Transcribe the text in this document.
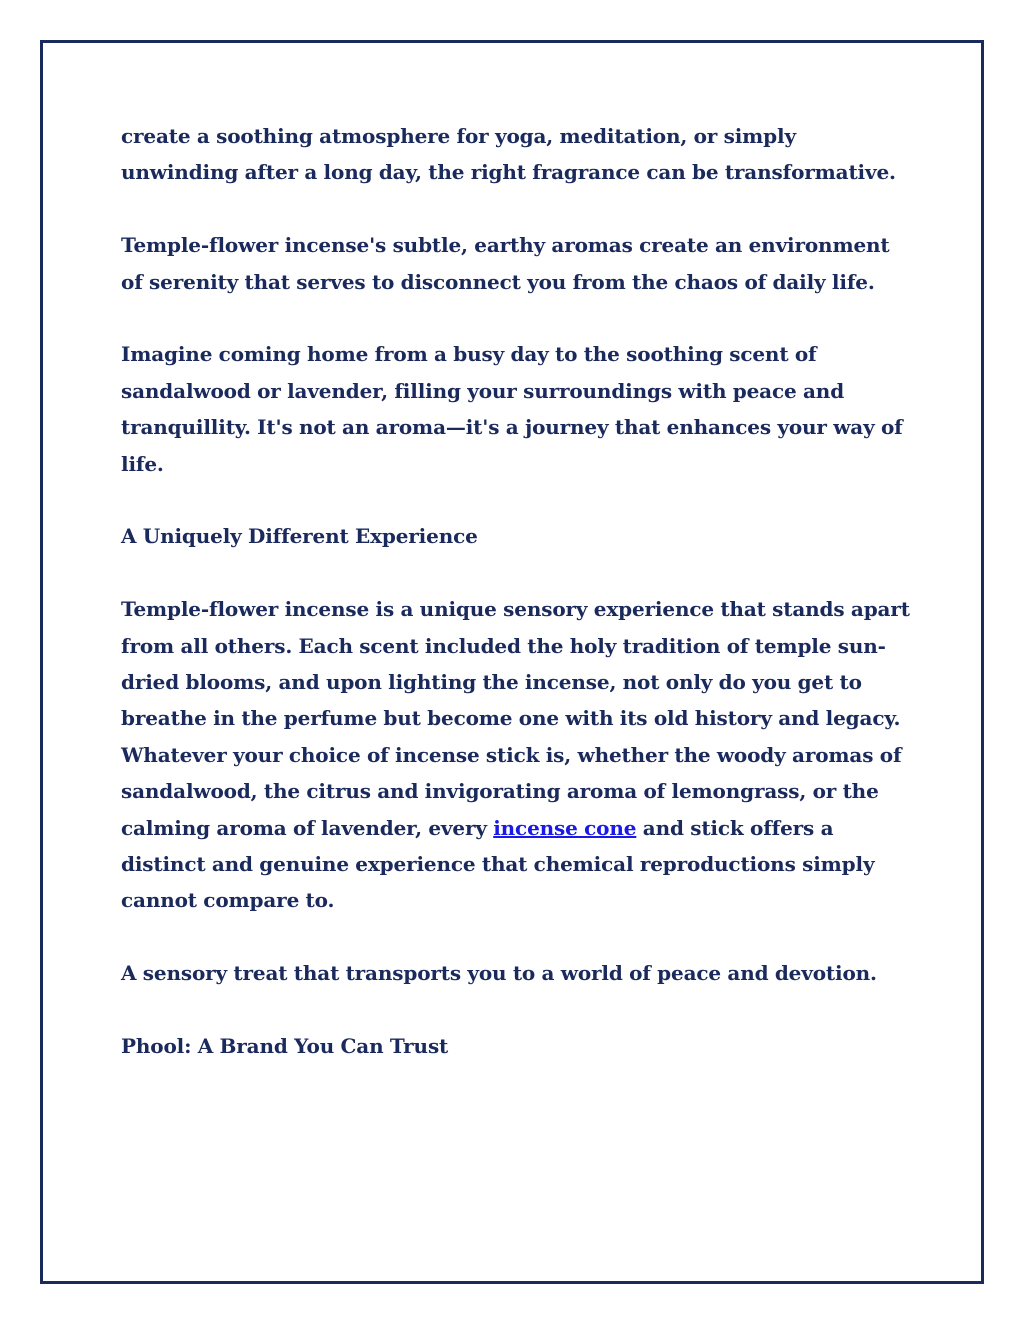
create a soothing atmosphere for yoga, meditation, or simply unwinding after a long day, the right fragrance can be transformative.

Temple-flower incense's subtle, earthy aromas create an environment of serenity that serves to disconnect you from the chaos of daily life.

Imagine coming home from a busy day to the soothing scent of sandalwood or lavender, filling your surroundings with peace and tranquillity. It's not an aroma—it's a journey that enhances your way of life.

A Uniquely Different Experience

Temple-flower incense is a unique sensory experience that stands apart from all others. Each scent included the holy tradition of temple sun-dried blooms, and upon lighting the incense, not only do you get to breathe in the perfume but become one with its old history and legacy. Whatever your choice of incense stick is, whether the woody aromas of sandalwood, the citrus and invigorating aroma of lemongrass, or the calming aroma of lavender, every incense cone and stick offers a distinct and genuine experience that chemical reproductions simply cannot compare to.

A sensory treat that transports you to a world of peace and devotion.

Phool: A Brand You Can Trust
